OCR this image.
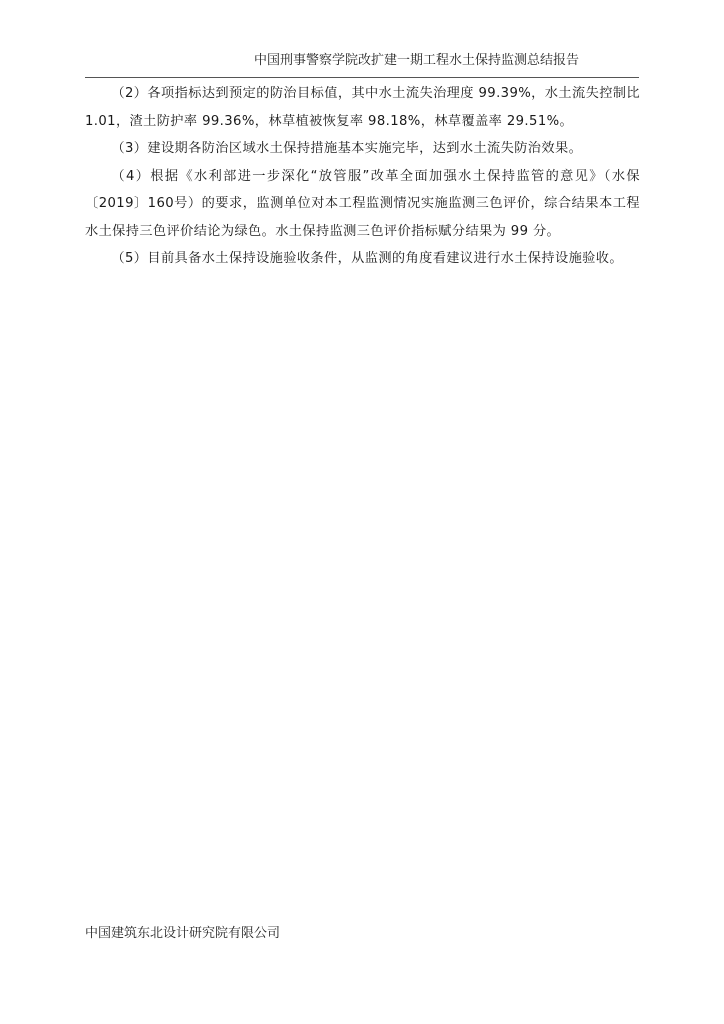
中国刑事警察学院改扩建一期工程水土保持监测总结报告

（2）各项指标达到预定的防治目标值，其中水土流失治理度 99.39%，水土流失控制比 1.01，渣土防护率 99.36%，林草植被恢复率 98.18%，林草覆盖率 29.51%。

（3）建设期各防治区域水土保持措施基本实施完毕，达到水土流失防治效果。

（4）根据《水利部进一步深化“放管服”改革全面加强水土保持监管的意见》（水保〔2019〕160号）的要求，监测单位对本工程监测情况实施监测三色评价，综合结果本工程水土保持三色评价结论为绿色。水土保持监测三色评价指标赋分结果为 99 分。

（5）目前具备水土保持设施验收条件，从监测的角度看建议进行水土保持设施验收。

中国建筑东北设计研究院有限公司
